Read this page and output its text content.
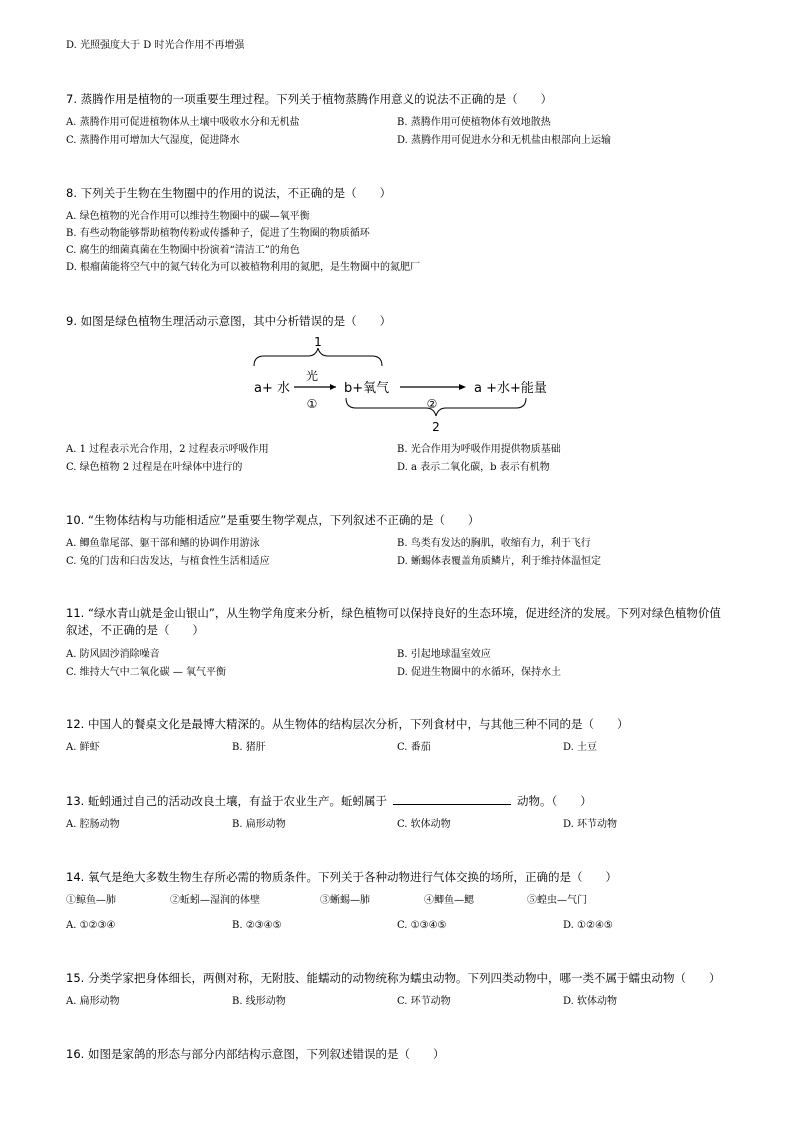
D. 光照强度大于 D 时光合作用不再增强
7. 蒸腾作用是植物的一项重要生理过程。下列关于植物蒸腾作用意义的说法不正确的是（　　）
A. 蒸腾作用可促进植物体从土壤中吸收水分和无机盐	B. 蒸腾作用可使植物体有效地散热
C. 蒸腾作用可增加大气湿度，促进降水	D. 蒸腾作用可促进水分和无机盐由根部向上运输
8. 下列关于生物在生物圈中的作用的说法，不正确的是（　　）
A. 绿色植物的光合作用可以维持生物圈中的碳—氧平衡
B. 有些动物能够帮助植物传粉或传播种子，促进了生物圈的物质循环
C. 腐生的细菌真菌在生物圈中扮演着“清洁工”的角色
D. 根瘤菌能将空气中的氮气转化为可以被植物利用的氮肥，是生物圈中的氮肥厂
9. 如图是绿色植物生理活动示意图，其中分析错误的是（　　）
1
a+ 水
光
①
b+氧气
②
a +水+能量
2
A. 1 过程表示光合作用，2 过程表示呼吸作用	B. 光合作用为呼吸作用提供物质基础
C. 绿色植物 2 过程是在叶绿体中进行的	D. a 表示二氧化碳，b 表示有机物
10. “生物体结构与功能相适应”是重要生物学观点，下列叙述不正确的是（　　）
A. 鲫鱼靠尾部、躯干部和鳍的协调作用游泳	B. 鸟类有发达的胸肌，收缩有力，利于飞行
C. 兔的门齿和臼齿发达，与植食性生活相适应	D. 蜥蜴体表覆盖角质鳞片，利于维持体温恒定
11. “绿水青山就是金山银山”，从生物学角度来分析，绿色植物可以保持良好的生态环境，促进经济的发展。下列对绿色植物价值叙述，不正确的是（　　）
A. 防风固沙消除噪音	B. 引起地球温室效应
C. 维持大气中二氧化碳 — 氧气平衡	D. 促进生物圈中的水循环，保持水土
12. 中国人的餐桌文化是最博大精深的。从生物体的结构层次分析，下列食材中，与其他三种不同的是（　　）
A. 鲜虾	B. 猪肝	C. 番茄	D. 土豆
13. 蚯蚓通过自己的活动改良土壤，有益于农业生产。蚯蚓属于	动物。（　　）
A. 腔肠动物	B. 扁形动物	C. 软体动物	D. 环节动物
14. 氧气是绝大多数生物生存所必需的物质条件。下列关于各种动物进行气体交换的场所，正确的是（　　）
①鲸鱼—肺	②蚯蚓—湿润的体壁	③蜥蜴—肺	④鲫鱼—鳃	⑤蝗虫—气门
A. ①②③④	B. ②③④⑤	C. ①③④⑤	D. ①②④⑤
15. 分类学家把身体细长，两侧对称，无附肢、能蠕动的动物统称为蠕虫动物。下列四类动物中，哪一类不属于蠕虫动物（　　）
A. 扁形动物	B. 线形动物	C. 环节动物	D. 软体动物
16. 如图是家鸽的形态与部分内部结构示意图，下列叙述错误的是（　　）
